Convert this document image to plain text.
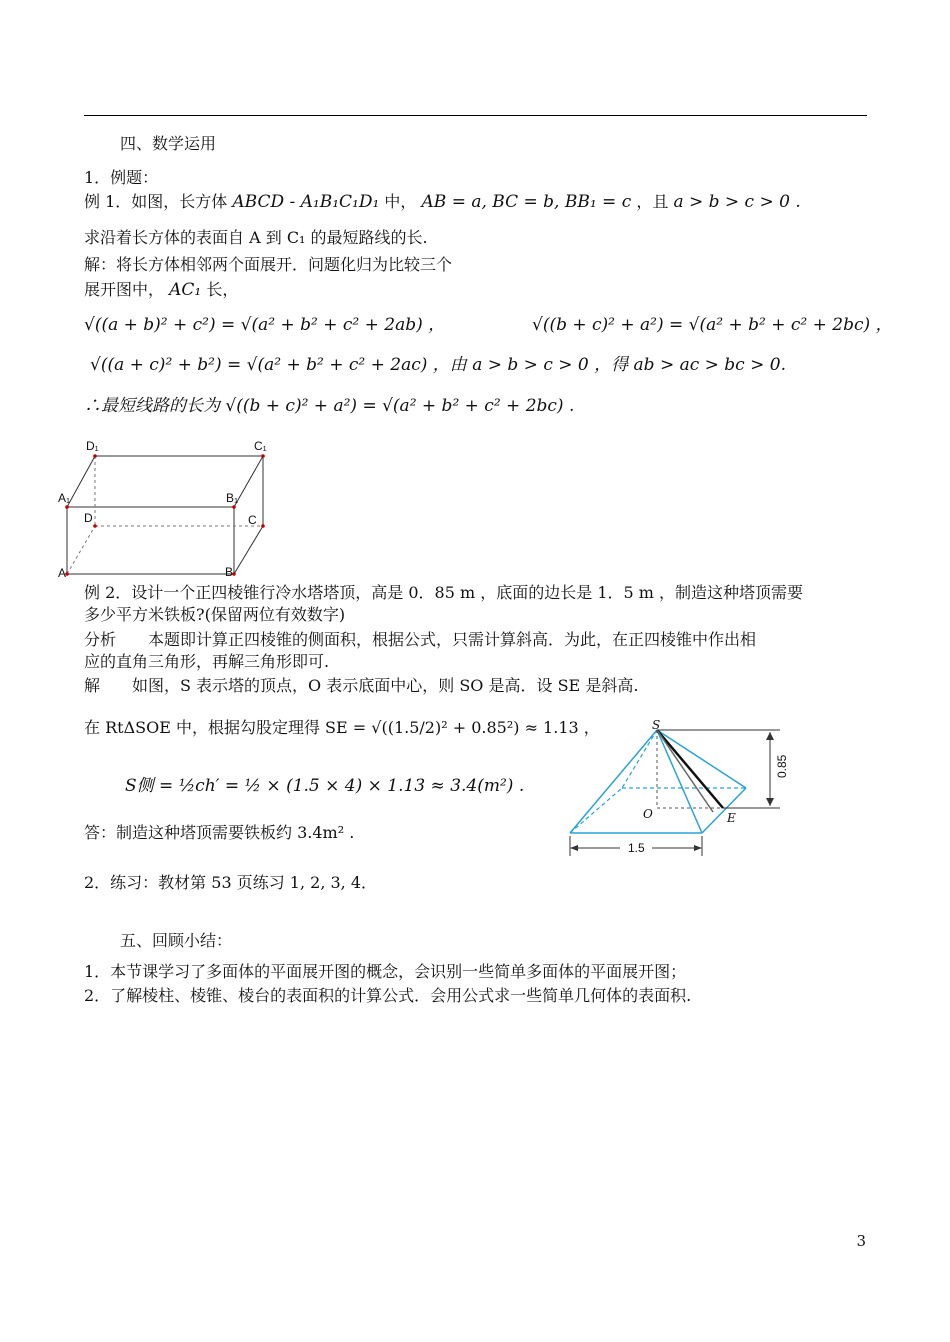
四、数学运用
1．例题：
例 1．如图，长方体 ABCD - A₁B₁C₁D₁ 中， AB = a, BC = b, BB₁ = c ，且 a > b > c > 0 .
求沿着长方体的表面自 A 到 C₁ 的最短路线的长.
解：将长方体相邻两个面展开．问题化归为比较三个
展开图中， AC₁ 长，
√((a + b)² + c²) = √(a² + b² + c² + 2ab) ，	√((b + c)² + a²) = √(a² + b² + c² + 2bc) ，
√((a + c)² + b²) = √(a² + b² + c² + 2ac) ，由 a > b > c > 0 ，得 ab > ac > bc > 0.
∴最短线路的长为 √((b + c)² + a²) = √(a² + b² + c² + 2bc) .
D₁	C₁
A₁	B₁
D	C
A	B
例 2．设计一个正四棱锥行冷水塔塔顶，高是 0．85 m ，底面的边长是 1．5 m ，制造这种塔顶需要
多少平方米铁板?(保留两位有效数字)
分析　　本题即计算正四棱锥的侧面积，根据公式，只需计算斜高．为此，在正四棱锥中作出相
应的直角三角形，再解三角形即可.
解　　如图，S 表示塔的顶点，O 表示底面中心，则 SO 是高．设 SE 是斜高.
在 RtΔSOE 中，根据勾股定理得 SE = √((1.5/2)² + 0.85²) ≈ 1.13 ，
S侧 = ½ch′ = ½ × (1.5 × 4) × 1.13 ≈ 3.4(m²) .
答：制造这种塔顶需要铁板约 3.4m² .
S
O	E
1.5
0.85
2．练习：教材第 53 页练习 1, 2, 3, 4．
五、回顾小结：
1．本节课学习了多面体的平面展开图的概念，会识别一些简单多面体的平面展开图；
2．了解棱柱、棱锥、棱台的表面积的计算公式．会用公式求一些简单几何体的表面积.
3
